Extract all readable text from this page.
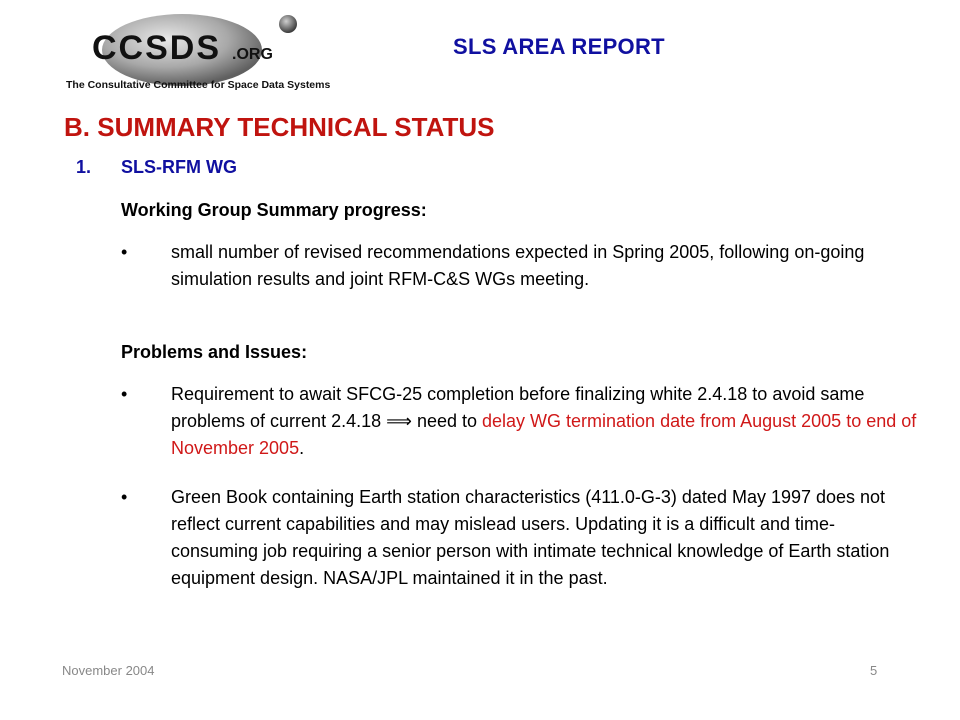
CCSDS .ORG
The Consultative Committee for Space Data Systems
SLS AREA REPORT
B. SUMMARY TECHNICAL STATUS
1. SLS-RFM WG
Working Group Summary progress:
• small number of revised recommendations expected in Spring 2005, following on-going simulation results and joint RFM-C&S WGs meeting.
Problems and Issues:
• Requirement to await SFCG-25 completion before finalizing white 2.4.18 to avoid same problems of current 2.4.18 ⟹ need to delay WG termination date from August 2005 to end of November 2005.
• Green Book containing Earth station characteristics (411.0-G-3) dated May 1997 does not reflect current capabilities and may mislead users. Updating it is a difficult and time-consuming job requiring a senior person with intimate technical knowledge of Earth station equipment design. NASA/JPL maintained it in the past.
November 2004	5
